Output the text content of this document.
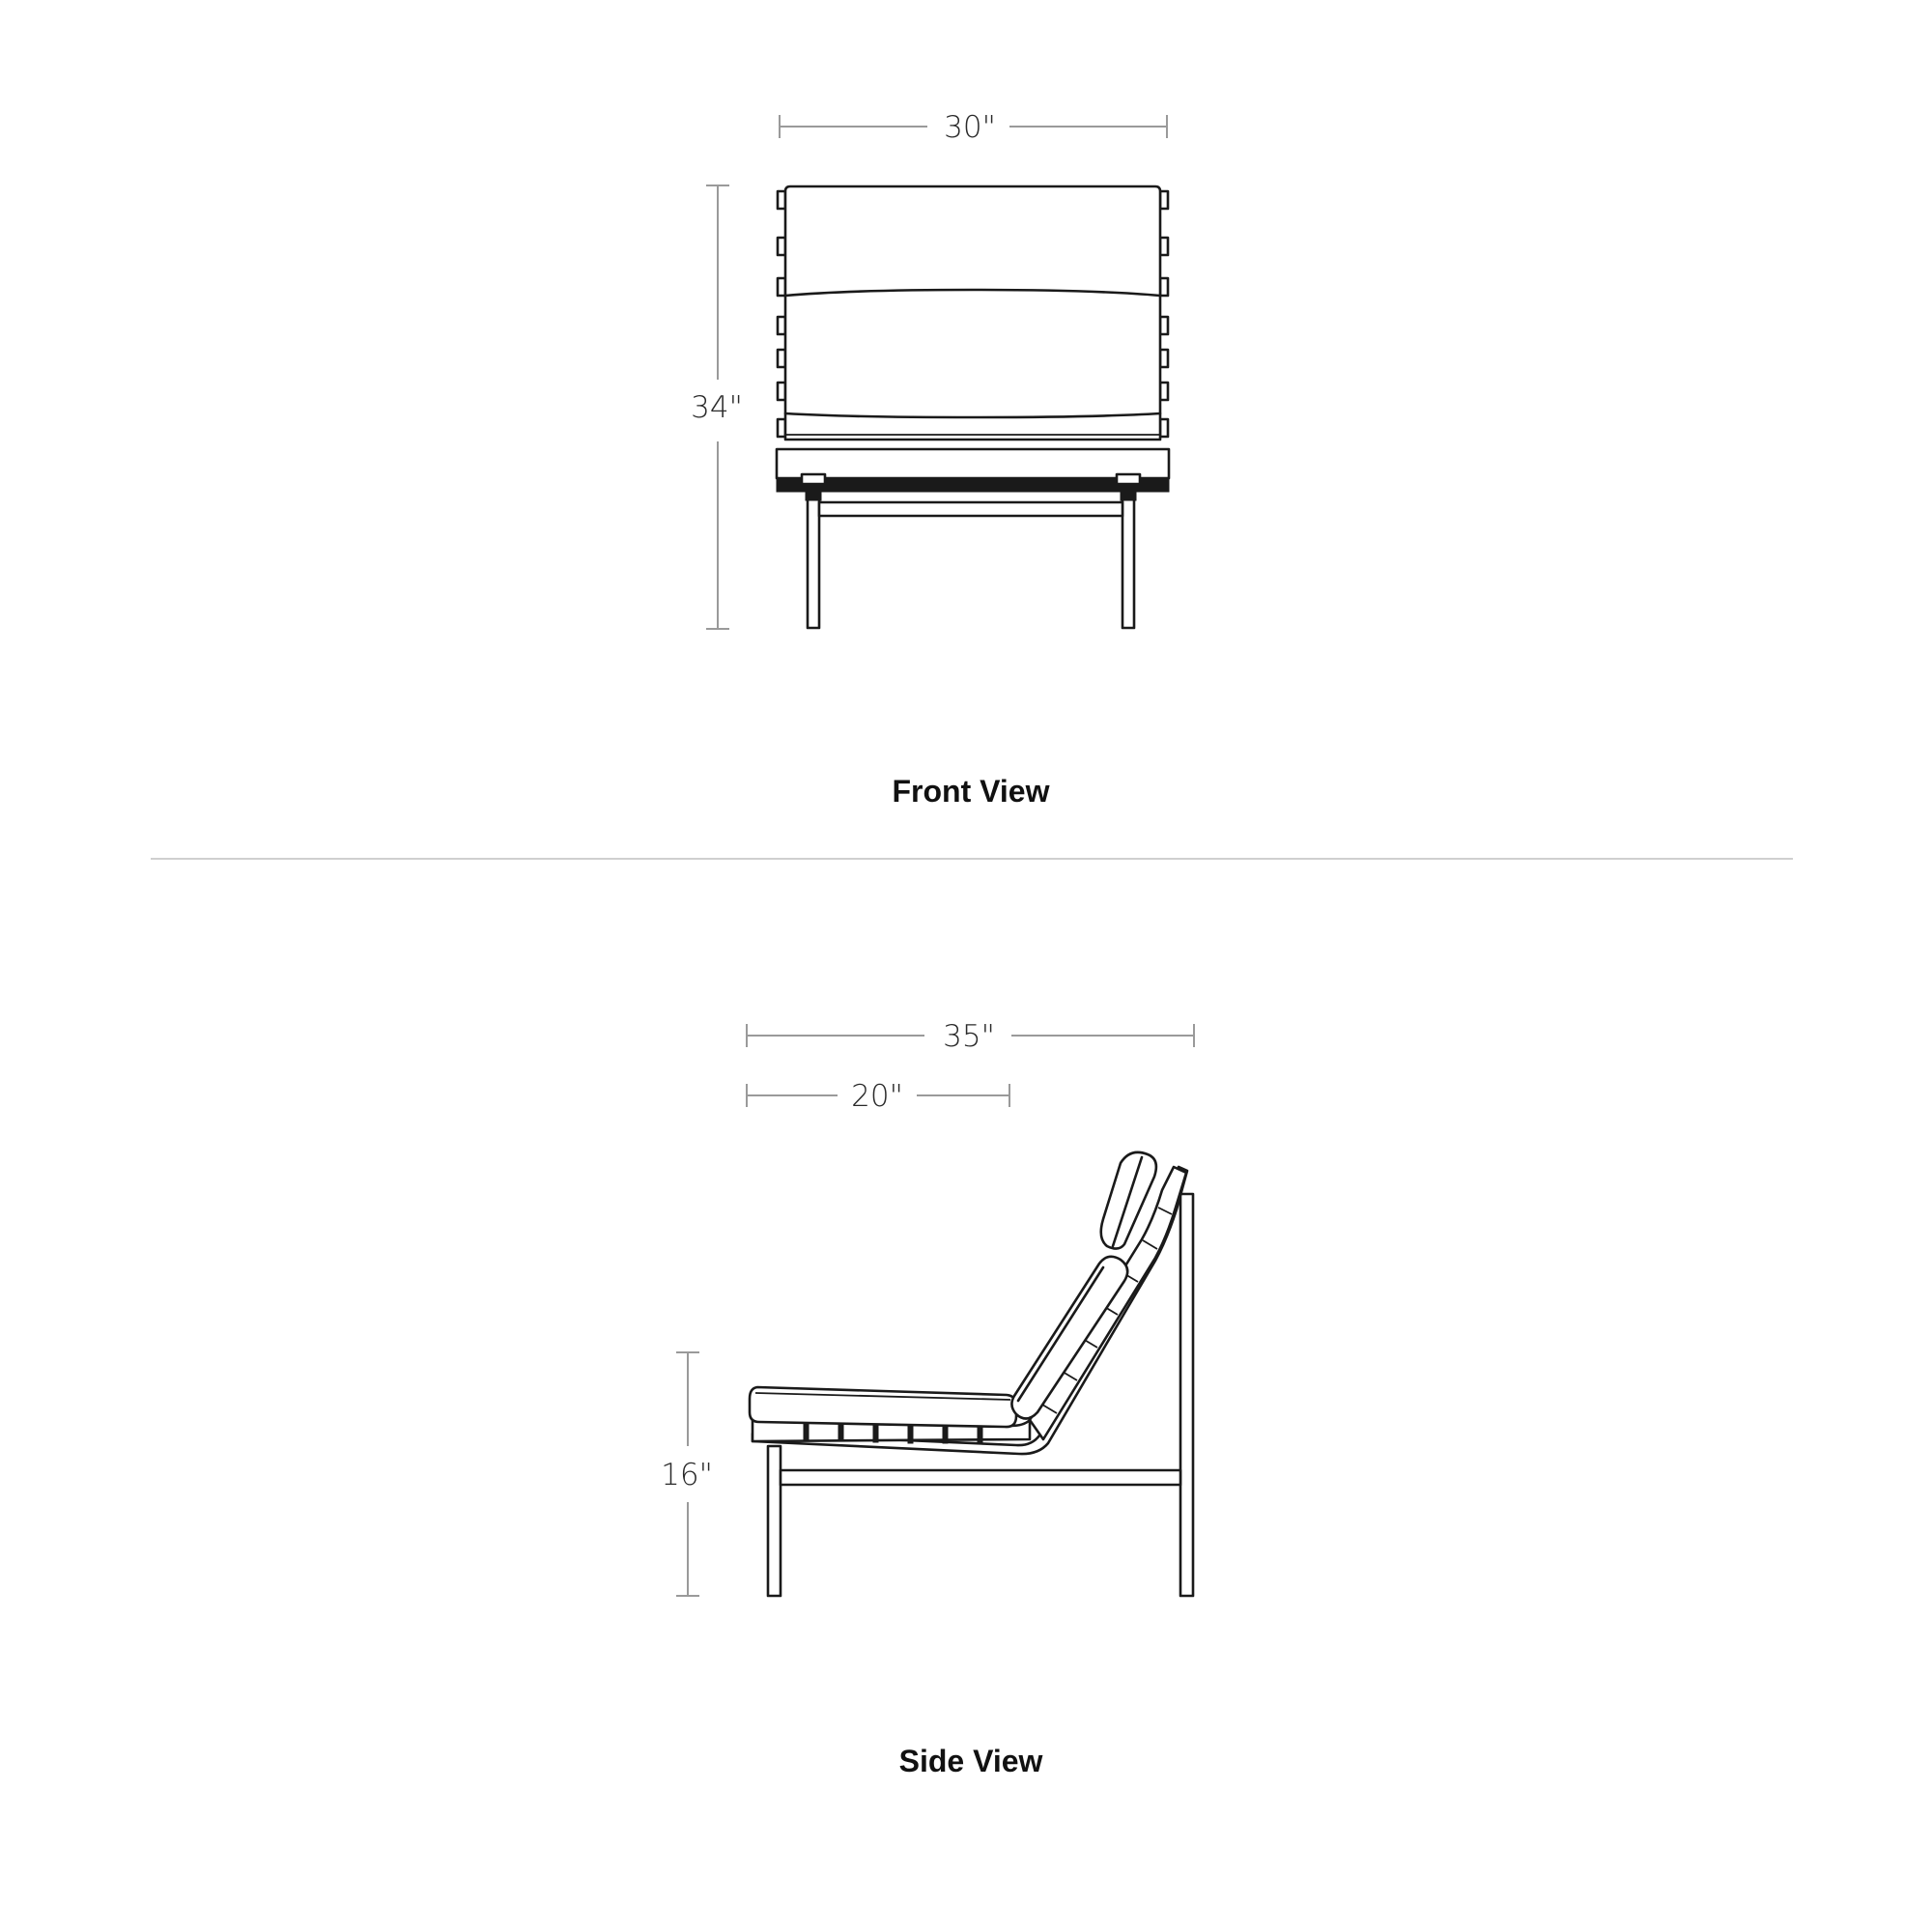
30"
34"
Front View
35"
20"
16"
Side View
